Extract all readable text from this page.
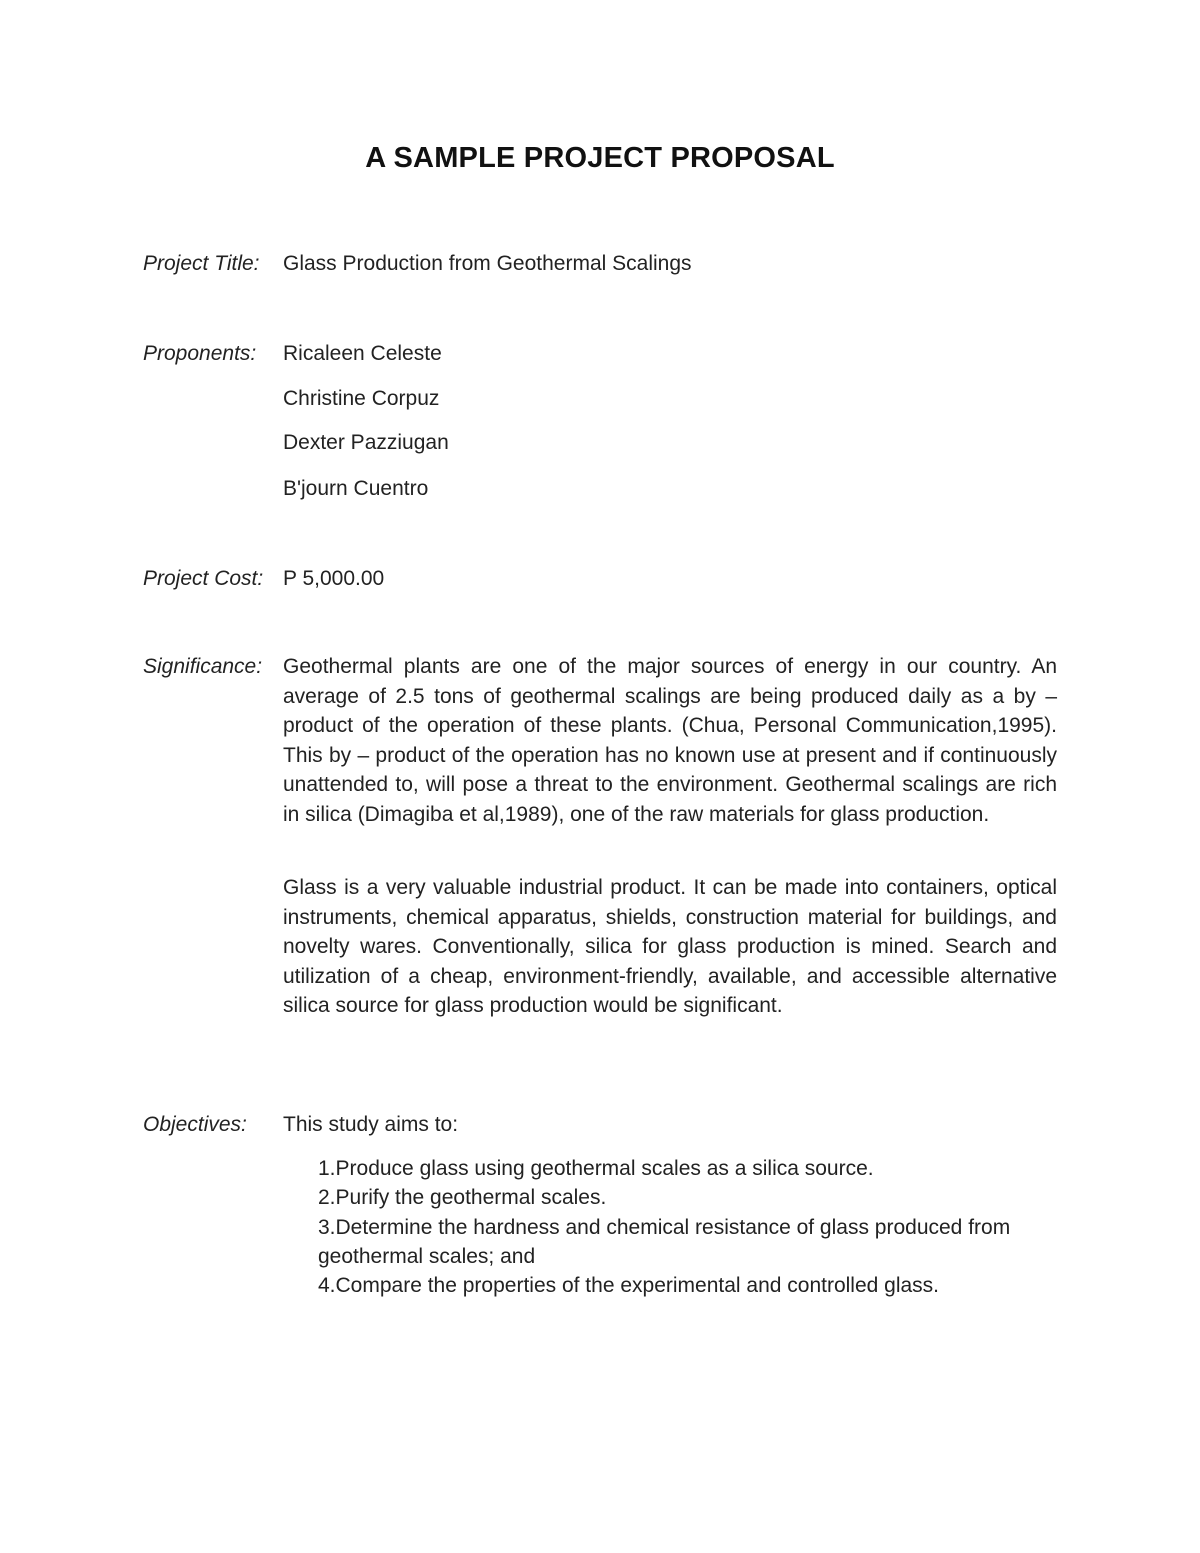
A SAMPLE PROJECT PROPOSAL
Project Title: Glass Production from Geothermal Scalings
Proponents: Ricaleen Celeste
Christine Corpuz
Dexter Pazziugan
B'journ Cuentro
Project Cost: P 5,000.00
Significance: Geothermal plants are one of the major sources of energy in our country. An average of 2.5 tons of geothermal scalings are being produced daily as a by – product of the operation of these plants. (Chua, Personal Communication,1995). This by – product of the operation has no known use at present and if continuously unattended to, will pose a threat to the environment. Geothermal scalings are rich in silica (Dimagiba et al,1989), one of the raw materials for glass production.

Glass is a very valuable industrial product. It can be made into containers, optical instruments, chemical apparatus, shields, construction material for buildings, and novelty wares. Conventionally, silica for glass production is mined. Search and utilization of a cheap, environment-friendly, available, and accessible alternative silica source for glass production would be significant.

Objectives: This study aims to:
1.Produce glass using geothermal scales as a silica source.
2.Purify the geothermal scales.
3.Determine the hardness and chemical resistance of glass produced from geothermal scales; and
4.Compare the properties of the experimental and controlled glass.
